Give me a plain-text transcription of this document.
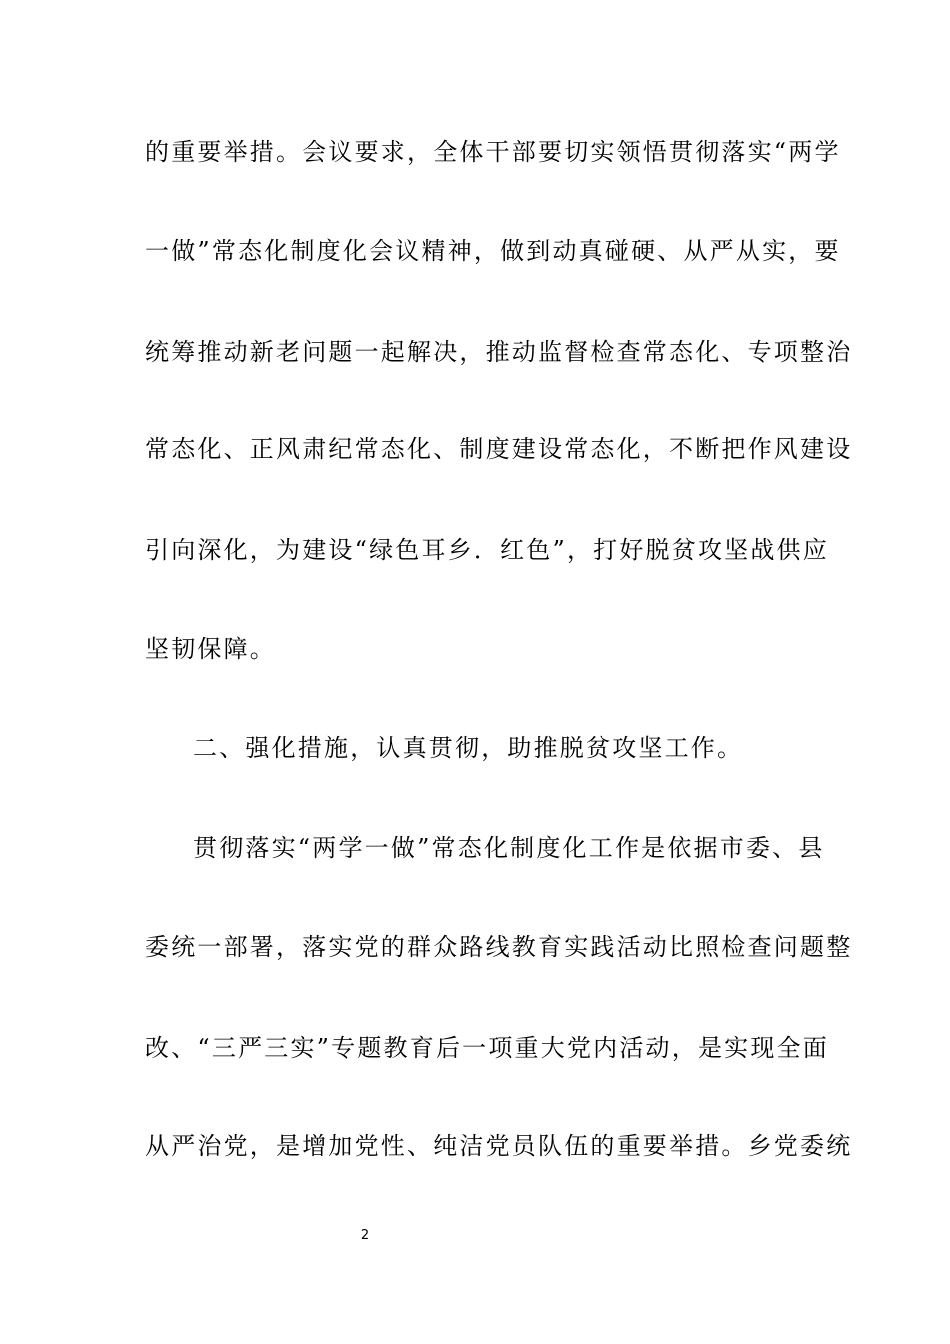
的重要举措。会议要求，全体干部要切实领悟贯彻落实“两学
一做”常态化制度化会议精神，做到动真碰硬、从严从实，要
统筹推动新老问题一起解决，推动监督检查常态化、专项整治
常态化、正风肃纪常态化、制度建设常态化，不断把作风建设
引向深化，为建设“绿色耳乡．红色”，打好脱贫攻坚战供应
坚韧保障。
二、强化措施，认真贯彻，助推脱贫攻坚工作。
贯彻落实“两学一做”常态化制度化工作是依据市委、县
委统一部署，落实党的群众路线教育实践活动比照检查问题整
改、“三严三实”专题教育后一项重大党内活动，是实现全面
从严治党，是增加党性、纯洁党员队伍的重要举措。乡党委统
2
